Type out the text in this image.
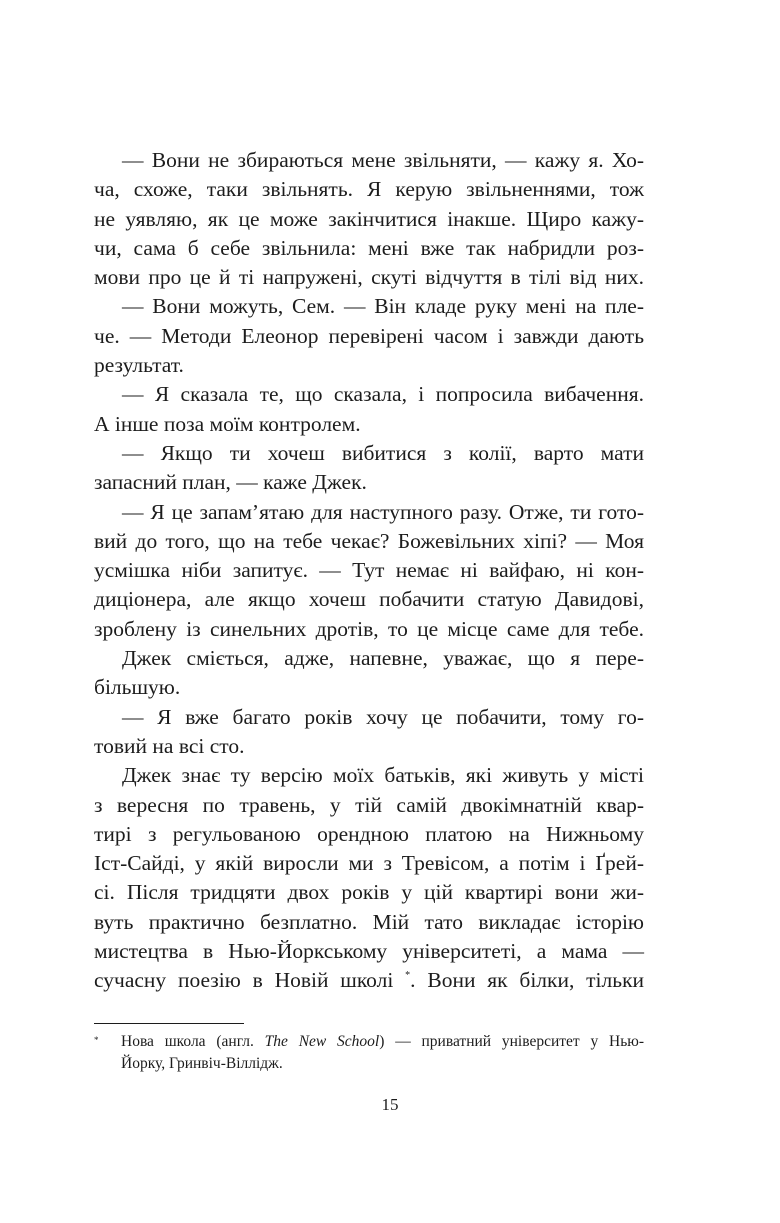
— Вони не збираються мене звільняти, — кажу я. Хо-
ча, схоже, таки звільнять. Я керую звільненнями, тож
не уявляю, як це може закінчитися інакше. Щиро кажу-
чи, сама б себе звільнила: мені вже так набридли роз-
мови про це й ті напружені, скуті відчуття в тілі від них.
— Вони можуть, Сем. — Він кладе руку мені на пле-
че. — Методи Елеонор перевірені часом і завжди дають
результат.
— Я сказала те, що сказала, і попросила вибачення.
А інше поза моїм контролем.
— Якщо ти хочеш вибитися з колії, варто мати
запасний план, — каже Джек.
— Я це запам’ятаю для наступного разу. Отже, ти гото-
вий до того, що на тебе чекає? Божевільних хіпі? — Моя
усмішка ніби запитує. — Тут немає ні вайфаю, ні кон-
диціонера, але якщо хочеш побачити статую Давидові,
зроблену із синельних дротів, то це місце саме для тебе.
Джек сміється, адже, напевне, уважає, що я пере-
більшую.
— Я вже багато років хочу це побачити, тому го-
товий на всі сто.
Джек знає ту версію моїх батьків, які живуть у місті
з вересня по травень, у тій самій двокімнатній квар-
тирі з регульованою орендною платою на Нижньому
Іст-Сайді, у якій виросли ми з Тревісом, а потім і Ґрей-
сі. Після тридцяти двох років у цій квартирі вони жи-
вуть практично безплатно. Мій тато викладає історію
мистецтва в Нью-Йоркському університеті, а мама —
сучасну поезію в Новій школі *. Вони як білки, тільки
*	Нова школа (англ. The New School) — приватний університет у Нью-
Йорку, Гринвіч-Віллідж.
15
